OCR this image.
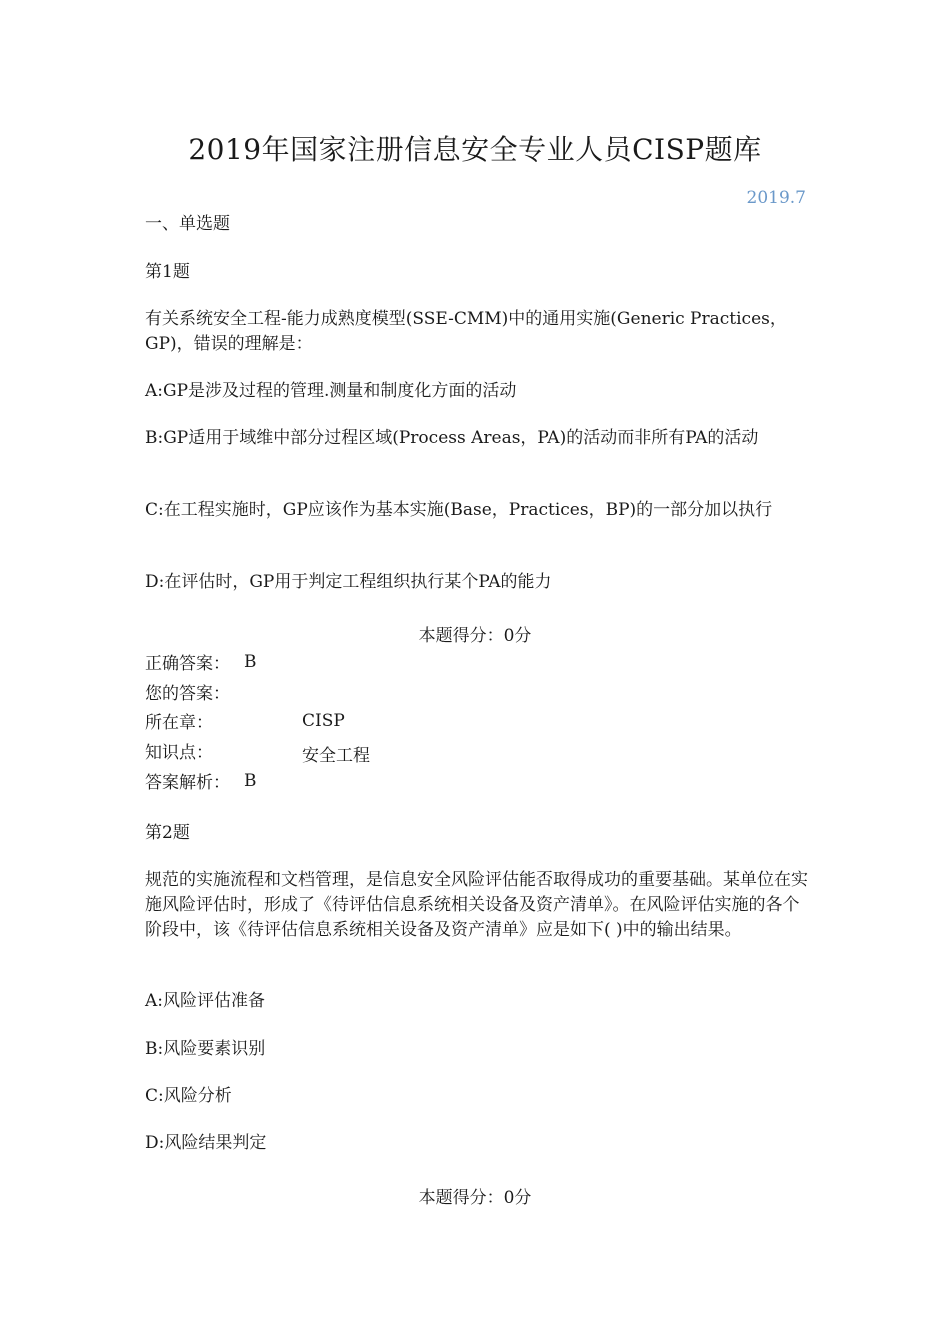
2019年国家注册信息安全专业人员CISP题库
2019.7
一、单选题
第1题
有关系统安全工程-能力成熟度模型(SSE-CMM)中的通用实施(Generic Practices，GP)，错误的理解是：
A:GP是涉及过程的管理.测量和制度化方面的活动
B:GP适用于域维中部分过程区域(Process Areas，PA)的活动而非所有PA的活动
C:在工程实施时，GP应该作为基本实施(Base，Practices，BP)的一部分加以执行
D:在评估时，GP用于判定工程组织执行某个PA的能力
本题得分：0分
正确答案： B
您的答案：
所在章：	CISP
知识点：	安全工程
答案解析： B
第2题
规范的实施流程和文档管理，是信息安全风险评估能否取得成功的重要基础。某单位在实施风险评估时，形成了《待评估信息系统相关设备及资产清单》。在风险评估实施的各个阶段中，该《待评估信息系统相关设备及资产清单》应是如下( )中的输出结果。
A:风险评估准备
B:风险要素识别
C:风险分析
D:风险结果判定
本题得分：0分
